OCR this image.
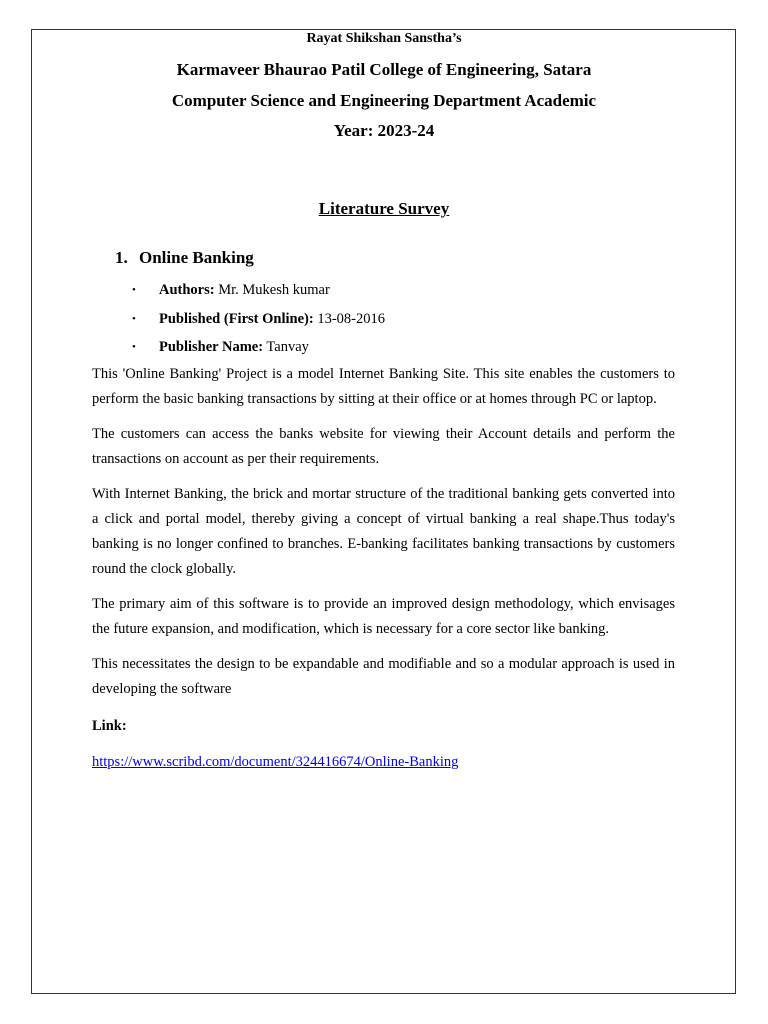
Rayat Shikshan Sanstha’s
Karmaveer Bhaurao Patil College of Engineering, Satara
Computer Science and Engineering Department Academic
Year: 2023-24
Literature Survey
1. Online Banking
• Authors: Mr. Mukesh kumar
• Published (First Online): 13-08-2016
• Publisher Name: Tanvay

This 'Online Banking' Project is a model Internet Banking Site. This site enables the customers to perform the basic banking transactions by sitting at their office or at homes through PC or laptop.

The customers can access the banks website for viewing their Account details and perform the transactions on account as per their requirements.

With Internet Banking, the brick and mortar structure of the traditional banking gets converted into a click and portal model, thereby giving a concept of virtual banking a real shape.Thus today's banking is no longer confined to branches. E-banking facilitates banking transactions by customers round the clock globally.

The primary aim of this software is to provide an improved design methodology, which envisages the future expansion, and modification, which is necessary for a core sector like banking.

This necessitates the design to be expandable and modifiable and so a modular approach is used in developing the software

Link:

https://www.scribd.com/document/324416674/Online-Banking
